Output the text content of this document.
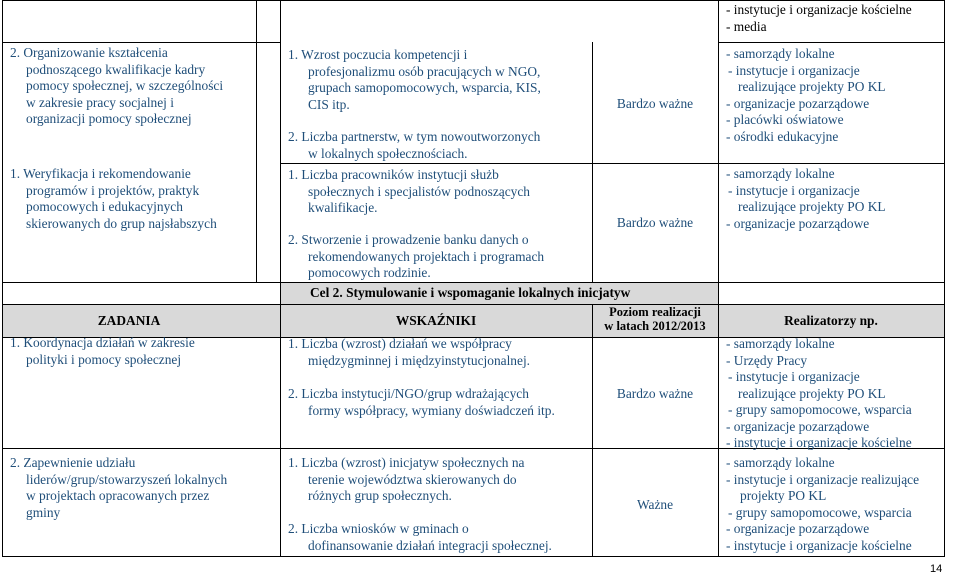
- instytucje i organizacje kościelne
- media
2. Organizowanie kształcenia
podnoszącego kwalifikacje kadry
pomocy społecznej, w szczególności
w zakresie pracy socjalnej i
organizacji pomocy społecznej
1. Weryfikacja i rekomendowanie
programów i projektów, praktyk
pomocowych i edukacyjnych
skierowanych do grup najsłabszych
1. Wzrost poczucia kompetencji i
profesjonalizmu osób pracujących w NGO,
grupach samopomocowych, wsparcia, KIS,
CIS itp.
2. Liczba partnerstw, w tym nowoutworzonych
w lokalnych społecznościach.
1. Liczba pracowników instytucji służb
społecznych i specjalistów podnoszących
kwalifikacje.
2. Stworzenie i prowadzenie banku danych o
rekomendowanych projektach i programach
pomocowych rodzinie.
Bardzo ważne
Bardzo ważne
- samorządy lokalne
- instytucje i organizacje
realizujące projekty PO KL
- organizacje pozarządowe
- placówki oświatowe
- ośrodki edukacyjne
- samorządy lokalne
- instytucje i organizacje
realizujące projekty PO KL
- organizacje pozarządowe
Cel 2. Stymulowanie i wspomaganie lokalnych inicjatyw
ZADANIA	WSKAŹNIKI
Poziom realizacji
w latach 2012/2013	Realizatorzy np.
1. Koordynacja działań w zakresie
polityki i pomocy społecznej
2. Zapewnienie udziału
liderów/grup/stowarzyszeń lokalnych
w projektach opracowanych przez
gminy
1. Liczba (wzrost) działań we współpracy
międzygminnej i międzyinstytucjonalnej.
2. Liczba instytucji/NGO/grup wdrażających
formy współpracy, wymiany doświadczeń itp.
1. Liczba (wzrost) inicjatyw społecznych na
terenie województwa skierowanych do
różnych grup społecznych.
2. Liczba wniosków w gminach o
dofinansowanie działań integracji społecznej.
Bardzo ważne
Ważne
- samorządy lokalne
- Urzędy Pracy
- instytucje i organizacje
realizujące projekty PO KL
- grupy samopomocowe, wsparcia
- organizacje pozarządowe
- instytucje i organizacje kościelne
- samorządy lokalne
- instytucje i organizacje realizujące
projekty PO KL
- grupy samopomocowe, wsparcia
- organizacje pozarządowe
- instytucje i organizacje kościelne
14
